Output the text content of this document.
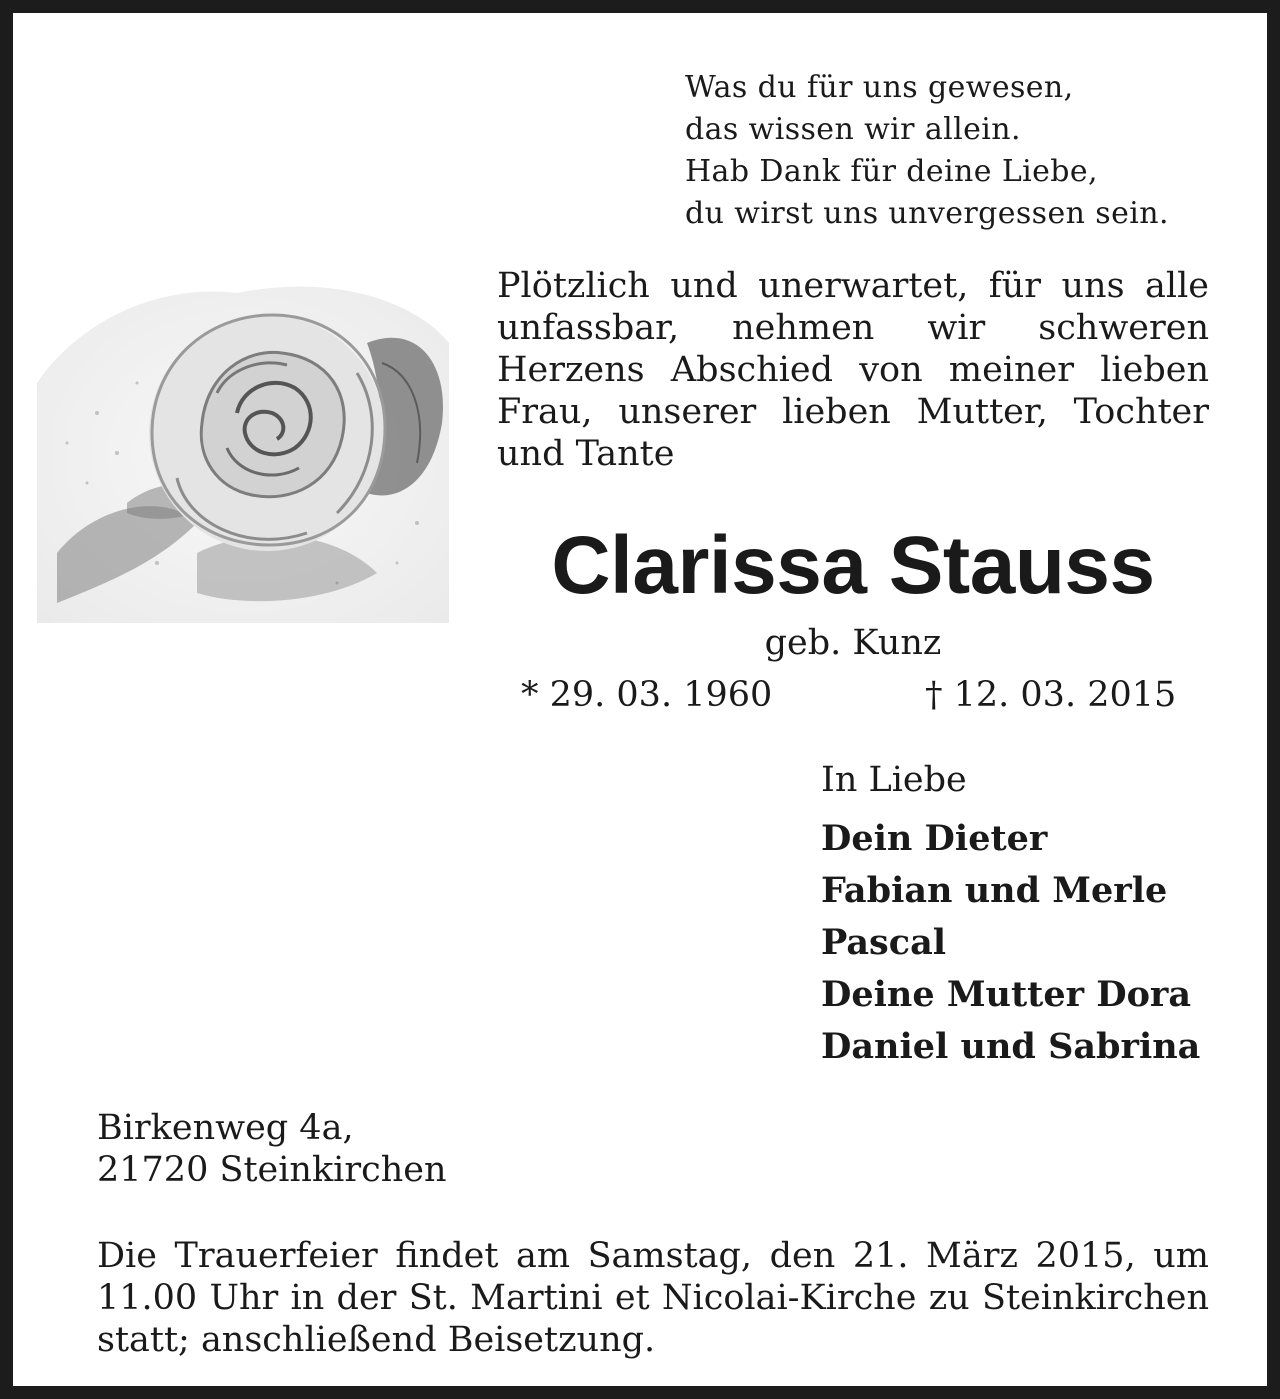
Was du für uns gewesen,
das wissen wir allein.
Hab Dank für deine Liebe,
du wirst uns unvergessen sein.
Plötzlich und unerwartet, für uns alle unfassbar, nehmen wir schweren Herzens Abschied von meiner lieben Frau, unserer lieben Mutter, Tochter und Tante
Clarissa Stauss
geb. Kunz
* 29. 03. 1960	† 12. 03. 2015
In Liebe
Dein Dieter
Fabian und Merle
Pascal
Deine Mutter Dora
Daniel und Sabrina
Birkenweg 4a,
21720 Steinkirchen
Die Trauerfeier findet am Samstag, den 21. März 2015, um 11.00 Uhr in der St. Martini et Nicolai-Kirche zu Steinkirchen statt; anschließend Beisetzung.
